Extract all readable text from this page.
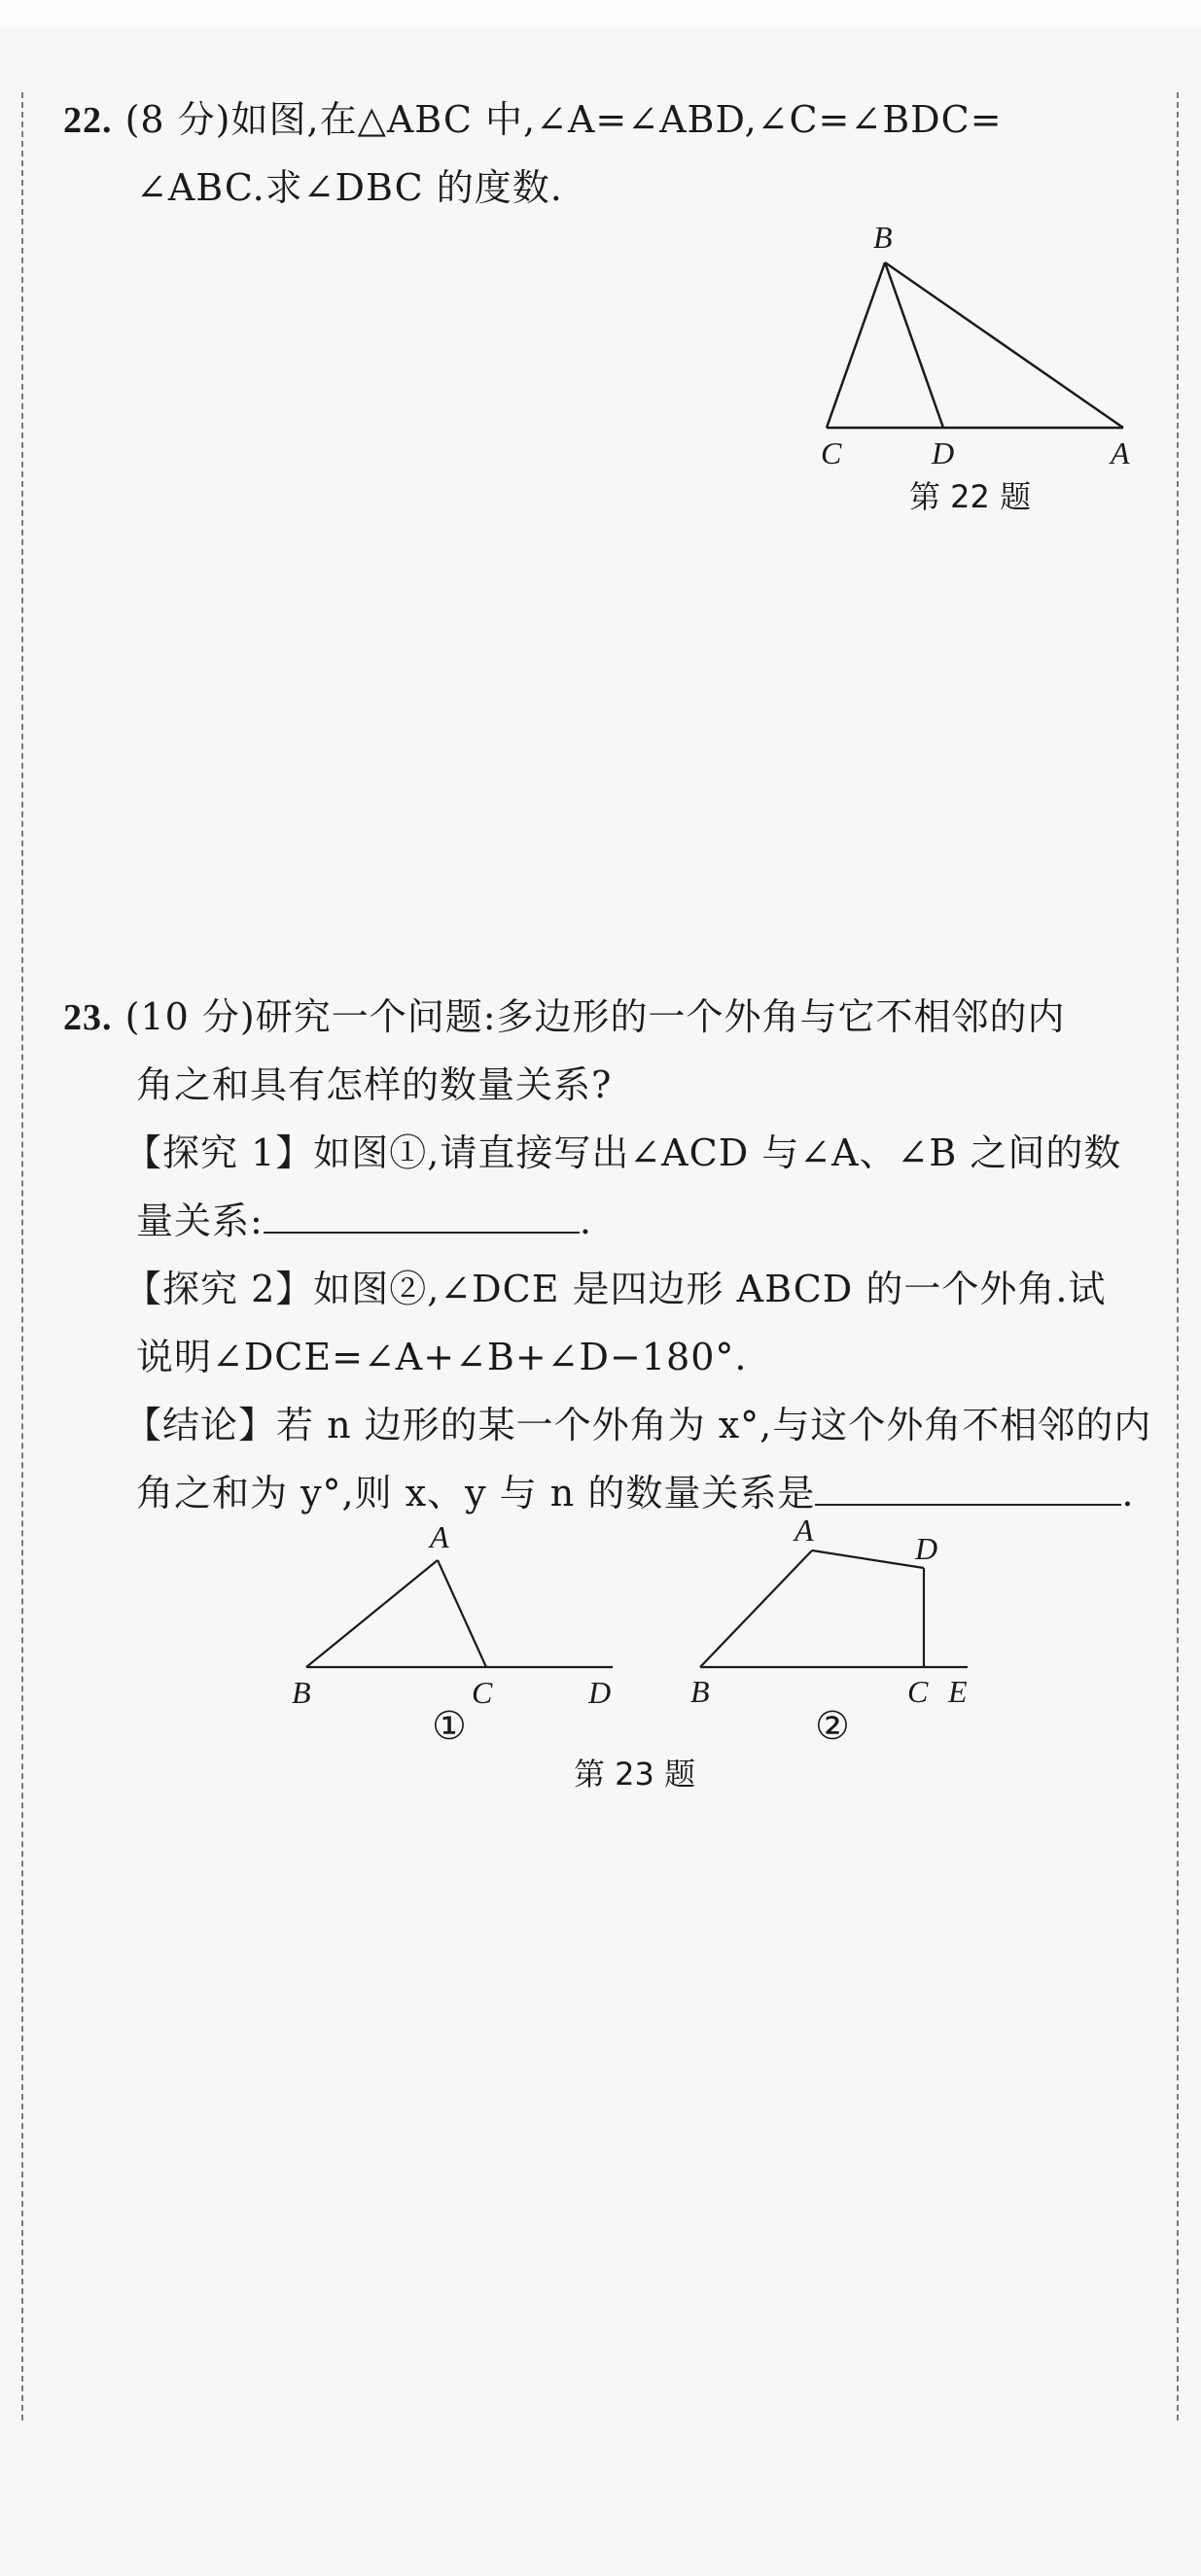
22. (8 分)如图,在△ABC 中,∠A=∠ABD,∠C=∠BDC=
∠ABC.求∠DBC 的度数.
B
C	D	A
第 22 题
23. (10 分)研究一个问题:多边形的一个外角与它不相邻的内
角之和具有怎样的数量关系?
【探究 1】如图①,请直接写出∠ACD 与∠A、∠B 之间的数
量关系:	.
【探究 2】如图②,∠DCE 是四边形 ABCD 的一个外角.试
说明∠DCE=∠A+∠B+∠D−180°.
【结论】若 n 边形的某一个外角为 x°,与这个外角不相邻的内
角之和为 y°,则 x、y 与 n 的数量关系是	.
A
B	C	D
①
A
D
B	C E
②
第 23 题
